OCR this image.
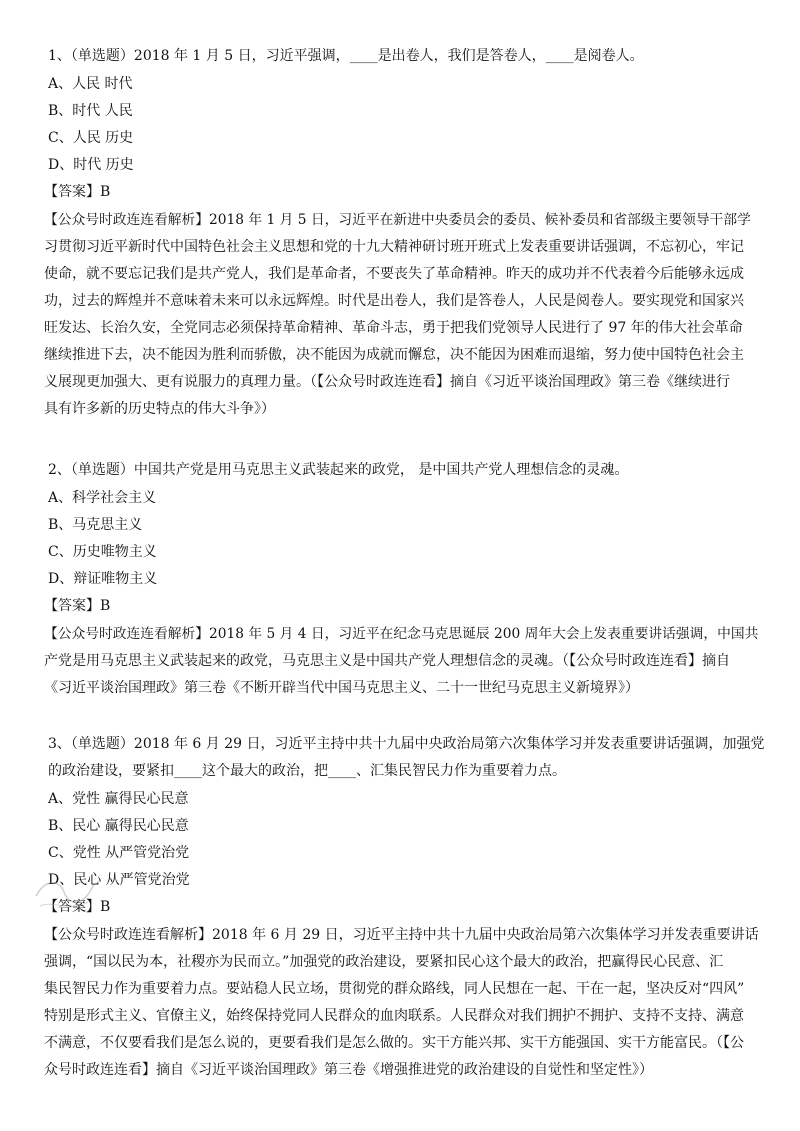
1、（单选题）2018 年 1 月 5 日，习近平强调，____是出卷人，我们是答卷人，____是阅卷人。
A、人民 时代
B、时代 人民
C、人民 历史
D、时代 历史
【答案】B
【公众号时政连连看解析】2018 年 1 月 5 日，习近平在新进中央委员会的委员、候补委员和省部级主要领导干部学
习贯彻习近平新时代中国特色社会主义思想和党的十九大精神研讨班开班式上发表重要讲话强调，不忘初心，牢记
使命，就不要忘记我们是共产党人，我们是革命者，不要丧失了革命精神。昨天的成功并不代表着今后能够永远成
功，过去的辉煌并不意味着未来可以永远辉煌。时代是出卷人，我们是答卷人，人民是阅卷人。要实现党和国家兴
旺发达、长治久安，全党同志必须保持革命精神、革命斗志，勇于把我们党领导人民进行了 97 年的伟大社会革命
继续推进下去，决不能因为胜利而骄傲，决不能因为成就而懈怠，决不能因为困难而退缩，努力使中国特色社会主
义展现更加强大、更有说服力的真理力量。（【公众号时政连连看】摘自《习近平谈治国理政》第三卷《继续进行
具有许多新的历史特点的伟大斗争》）
2、（单选题）中国共产党是用马克思主义武装起来的政党， 是中国共产党人理想信念的灵魂。
A、科学社会主义
B、马克思主义
C、历史唯物主义
D、辩证唯物主义
【答案】B
【公众号时政连连看解析】2018 年 5 月 4 日，习近平在纪念马克思诞辰 200 周年大会上发表重要讲话强调，中国共
产党是用马克思主义武装起来的政党，马克思主义是中国共产党人理想信念的灵魂。（【公众号时政连连看】摘自
《习近平谈治国理政》第三卷《不断开辟当代中国马克思主义、二十一世纪马克思主义新境界》）
3、（单选题）2018 年 6 月 29 日，习近平主持中共十九届中央政治局第六次集体学习并发表重要讲话强调，加强党
的政治建设，要紧扣____这个最大的政治，把____、汇集民智民力作为重要着力点。
A、党性 赢得民心民意
B、民心 赢得民心民意
C、党性 从严管党治党
D、民心 从严管党治党
【答案】B
【公众号时政连连看解析】2018 年 6 月 29 日，习近平主持中共十九届中央政治局第六次集体学习并发表重要讲话
强调，“国以民为本，社稷亦为民而立。”加强党的政治建设，要紧扣民心这个最大的政治，把赢得民心民意、汇
集民智民力作为重要着力点。要站稳人民立场，贯彻党的群众路线，同人民想在一起、干在一起，坚决反对“四风”
特别是形式主义、官僚主义，始终保持党同人民群众的血肉联系。人民群众对我们拥护不拥护、支持不支持、满意
不满意，不仅要看我们是怎么说的，更要看我们是怎么做的。实干方能兴邦、实干方能强国、实干方能富民。（【公
众号时政连连看】摘自《习近平谈治国理政》第三卷《增强推进党的政治建设的自觉性和坚定性》）
